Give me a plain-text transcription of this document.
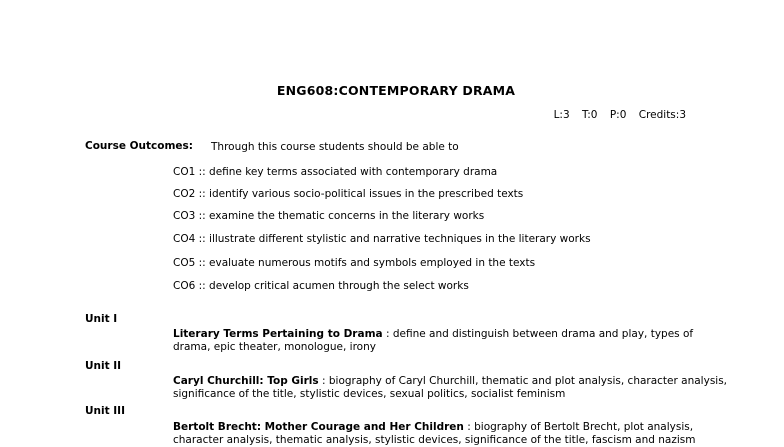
ENG608:CONTEMPORARY DRAMA
L:3 T:0 P:0 Credits:3
Course Outcomes: Through this course students should be able to
CO1 :: define key terms associated with contemporary drama
CO2 :: identify various socio-political issues in the prescribed texts
CO3 :: examine the thematic concerns in the literary works
CO4 :: illustrate different stylistic and narrative techniques in the literary works
CO5 :: evaluate numerous motifs and symbols employed in the texts
CO6 :: develop critical acumen through the select works
Unit I
Literary Terms Pertaining to Drama : define and distinguish between drama and play, types of drama, epic theater, monologue, irony
Unit II
Caryl Churchill: Top Girls : biography of Caryl Churchill, thematic and plot analysis, character analysis, significance of the title, stylistic devices, sexual politics, socialist feminism
Unit III
Bertolt Brecht: Mother Courage and Her Children : biography of Bertolt Brecht, plot analysis, character analysis, thematic analysis, stylistic devices, significance of the title, fascism and nazism
